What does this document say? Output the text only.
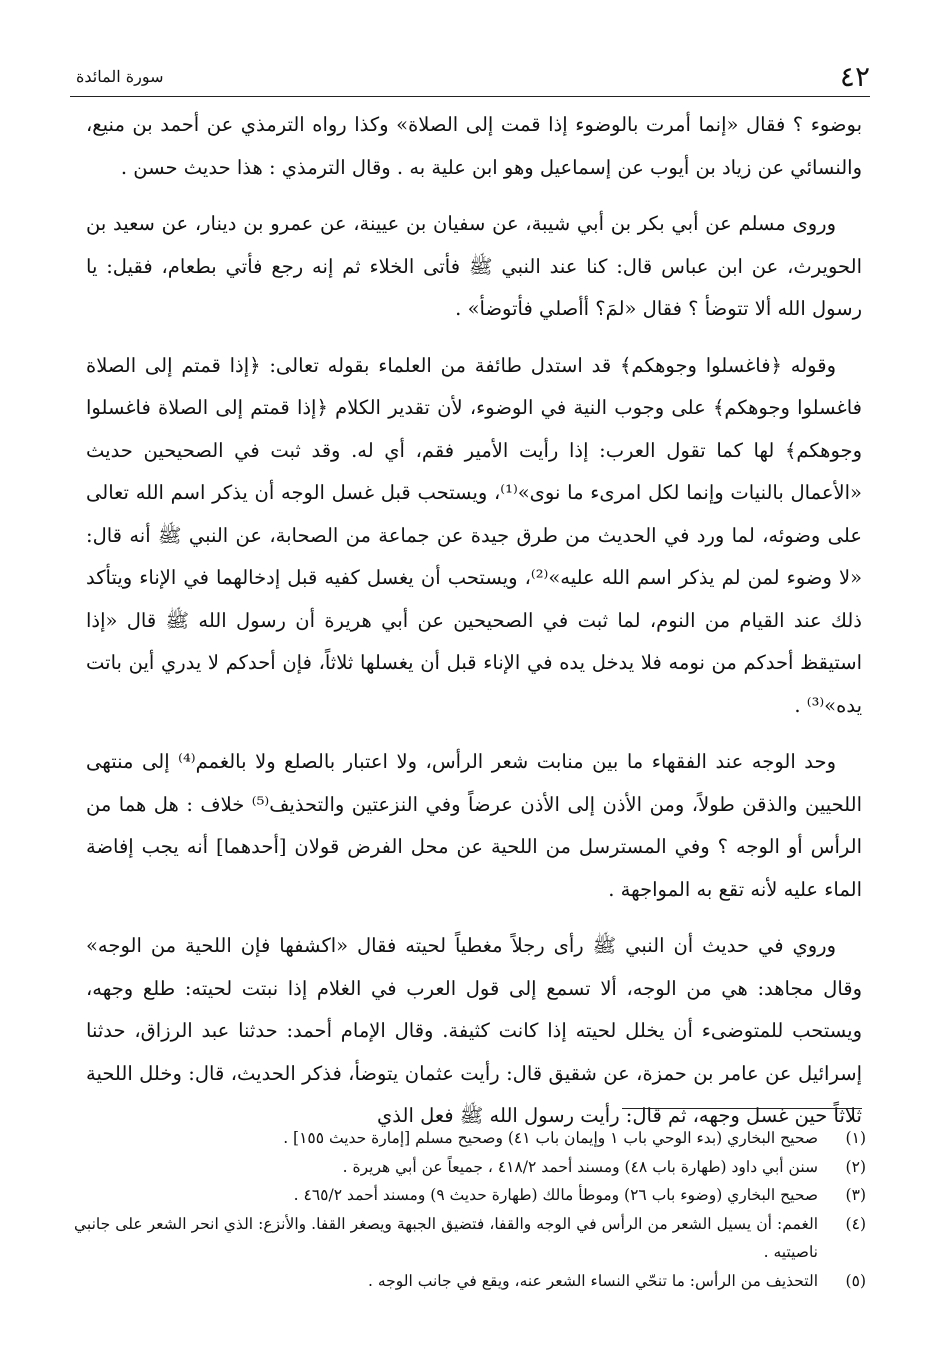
٤٢
سورة المائدة

بوضوء ؟ فقال «إنما أمرت بالوضوء إذا قمت إلى الصلاة» وكذا رواه الترمذي عن أحمد بن منيع، والنسائي عن زياد بن أيوب عن إسماعيل وهو ابن علية به . وقال الترمذي : هذا حديث حسن .

وروى مسلم عن أبي بكر بن أبي شيبة، عن سفيان بن عيينة، عن عمرو بن دينار، عن سعيد بن الحويرث، عن ابن عباس قال: كنا عند النبي ﷺ فأتى الخلاء ثم إنه رجع فأتي بطعام، فقيل: يا رسول الله ألا تتوضأ ؟ فقال «لمَ؟ أأصلي فأتوضأ» .

وقوله ﴿فاغسلوا وجوهكم﴾ قد استدل طائفة من العلماء بقوله تعالى: ﴿إذا قمتم إلى الصلاة فاغسلوا وجوهكم﴾ على وجوب النية في الوضوء، لأن تقدير الكلام ﴿إذا قمتم إلى الصلاة فاغسلوا وجوهكم﴾ لها كما تقول العرب: إذا رأيت الأمير فقم، أي له. وقد ثبت في الصحيحين حديث «الأعمال بالنيات وإنما لكل امرىء ما نوى»⁽¹⁾، ويستحب قبل غسل الوجه أن يذكر اسم الله تعالى على وضوئه، لما ورد في الحديث من طرق جيدة عن جماعة من الصحابة، عن النبي ﷺ أنه قال: «لا وضوء لمن لم يذكر اسم الله عليه»⁽²⁾، ويستحب أن يغسل كفيه قبل إدخالهما في الإناء ويتأكد ذلك عند القيام من النوم، لما ثبت في الصحيحين عن أبي هريرة أن رسول الله ﷺ قال «إذا استيقظ أحدكم من نومه فلا يدخل يده في الإناء قبل أن يغسلها ثلاثاً، فإن أحدكم لا يدري أين باتت يده»⁽³⁾ .

وحد الوجه عند الفقهاء ما بين منابت شعر الرأس، ولا اعتبار بالصلع ولا بالغمم⁽⁴⁾ إلى منتهى اللحيين والذقن طولاً، ومن الأذن إلى الأذن عرضاً وفي النزعتين والتحذيف⁽⁵⁾ خلاف : هل هما من الرأس أو الوجه ؟ وفي المسترسل من اللحية عن محل الفرض قولان [أحدهما] أنه يجب إفاضة الماء عليه لأنه تقع به المواجهة .

وروي في حديث أن النبي ﷺ رأى رجلاً مغطياً لحيته فقال «اكشفها فإن اللحية من الوجه» وقال مجاهد: هي من الوجه، ألا تسمع إلى قول العرب في الغلام إذا نبتت لحيته: طلع وجهه، ويستحب للمتوضىء أن يخلل لحيته إذا كانت كثيفة. وقال الإمام أحمد: حدثنا عبد الرزاق، حدثنا إسرائيل عن عامر بن حمزة، عن شقيق قال: رأيت عثمان يتوضأ، فذكر الحديث، قال: وخلل اللحية ثلاثاً حين غسل وجهه، ثم قال: رأيت رسول الله ﷺ فعل الذي

(١)
صحيح البخاري (بدء الوحي باب ١ وإيمان باب ٤١) وصحيح مسلم [إمارة حديث ١٥٥] .
(٢)
سنن أبي داود (طهارة باب ٤٨) ومسند أحمد ٤١٨/٢ ، جميعاً عن أبي هريرة .
(٣)
صحيح البخاري (وضوء باب ٢٦) وموطأ مالك (طهارة حديث ٩) ومسند أحمد ٤٦٥/٢ .
(٤)
الغمم: أن يسيل الشعر من الرأس في الوجه والقفا، فتضيق الجبهة ويصغر القفا. والأنزع: الذي انحر الشعر على جانبي ناصيتيه .
(٥)
التحذيف من الرأس: ما تنحّي النساء الشعر عنه، ويقع في جانب الوجه .
